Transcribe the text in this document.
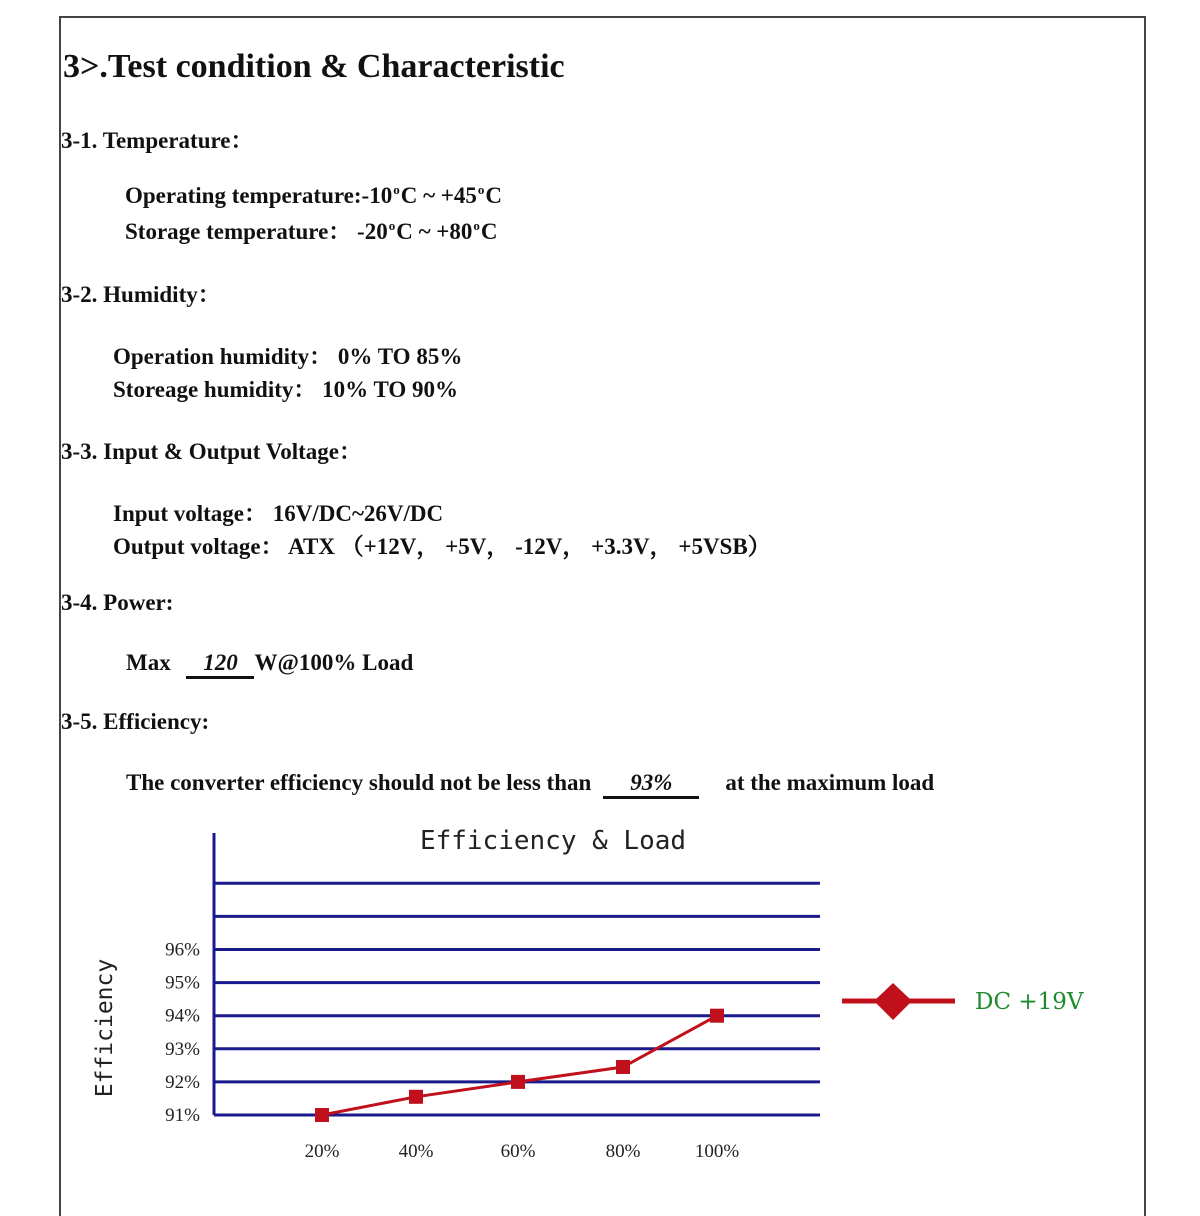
3>.Test condition & Characteristic
3-1. Temperature：
Operating temperature:-10$^o$C ~ $+45^oC$
Storage temperature： -20$^o$C ~ $+80^oC$
3-2. Humidity：
Operation humidity： 0% TO 85%
Storeage humidity： 10% TO 90%
3-3. Input & Output Voltage：
Input voltage： 16V/DC~26V/DC
Output voltage： ATX （+12V， +5V， -12V， +3.3V， +5VSB）
3-4. Power:
Max 120 W@100% Load
3-5. Efficiency:
The converter efficiency should not be less than 93% at the maximum load
Efficiency & Load
Efficiency
91%
92%
93%
94%
95%
96%
20%	40%	60%	80%	100%
DC +19V
